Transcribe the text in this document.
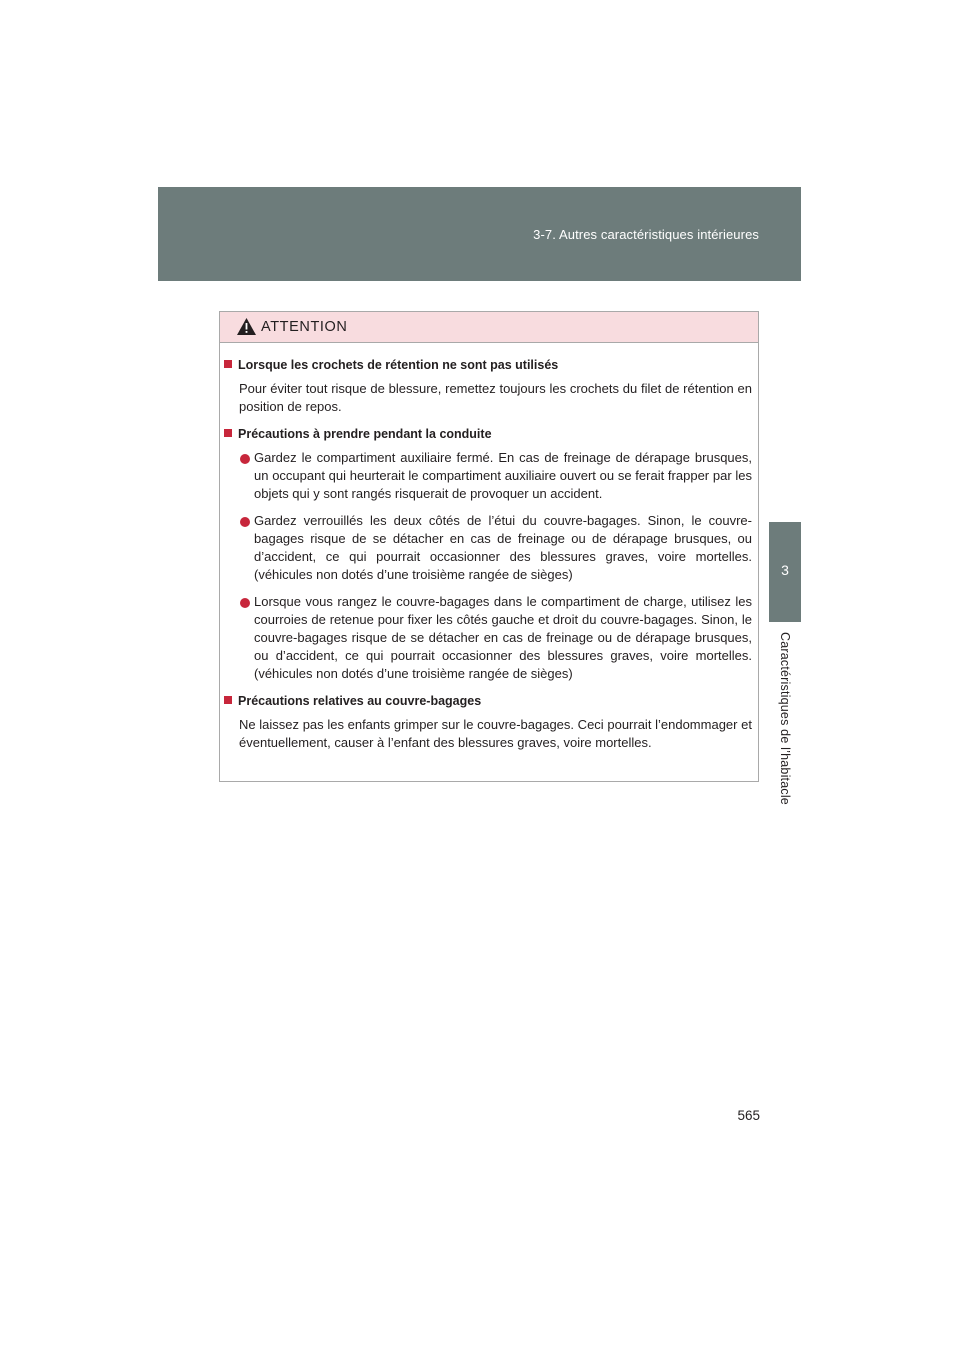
3-7. Autres caractéristiques intérieures
3
Caractéristiques de l’habitacle
ATTENTION
Lorsque les crochets de rétention ne sont pas utilisés
Pour éviter tout risque de blessure, remettez toujours les crochets du filet de rétention en position de repos.
Précautions à prendre pendant la conduite
Gardez le compartiment auxiliaire fermé. En cas de freinage de dérapage brusques, un occupant qui heurterait le compartiment auxiliaire ouvert ou se ferait frapper par les objets qui y sont rangés risquerait de provoquer un accident.
Gardez verrouillés les deux côtés de l’étui du couvre-bagages. Sinon, le couvre-bagages risque de se détacher en cas de freinage ou de dérapage brusques, ou d’accident, ce qui pourrait occasionner des blessures graves, voire mortelles. (véhicules non dotés d’une troisième rangée de sièges)
Lorsque vous rangez le couvre-bagages dans le compartiment de charge, utilisez les courroies de retenue pour fixer les côtés gauche et droit du couvre-bagages. Sinon, le couvre-bagages risque de se détacher en cas de freinage ou de dérapage brusques, ou d’accident, ce qui pourrait occasionner des blessures graves, voire mortelles. (véhicules non dotés d’une troisième rangée de sièges)
Précautions relatives au couvre-bagages
Ne laissez pas les enfants grimper sur le couvre-bagages. Ceci pourrait l’endommager et éventuellement, causer à l’enfant des blessures graves, voire mortelles.
565
